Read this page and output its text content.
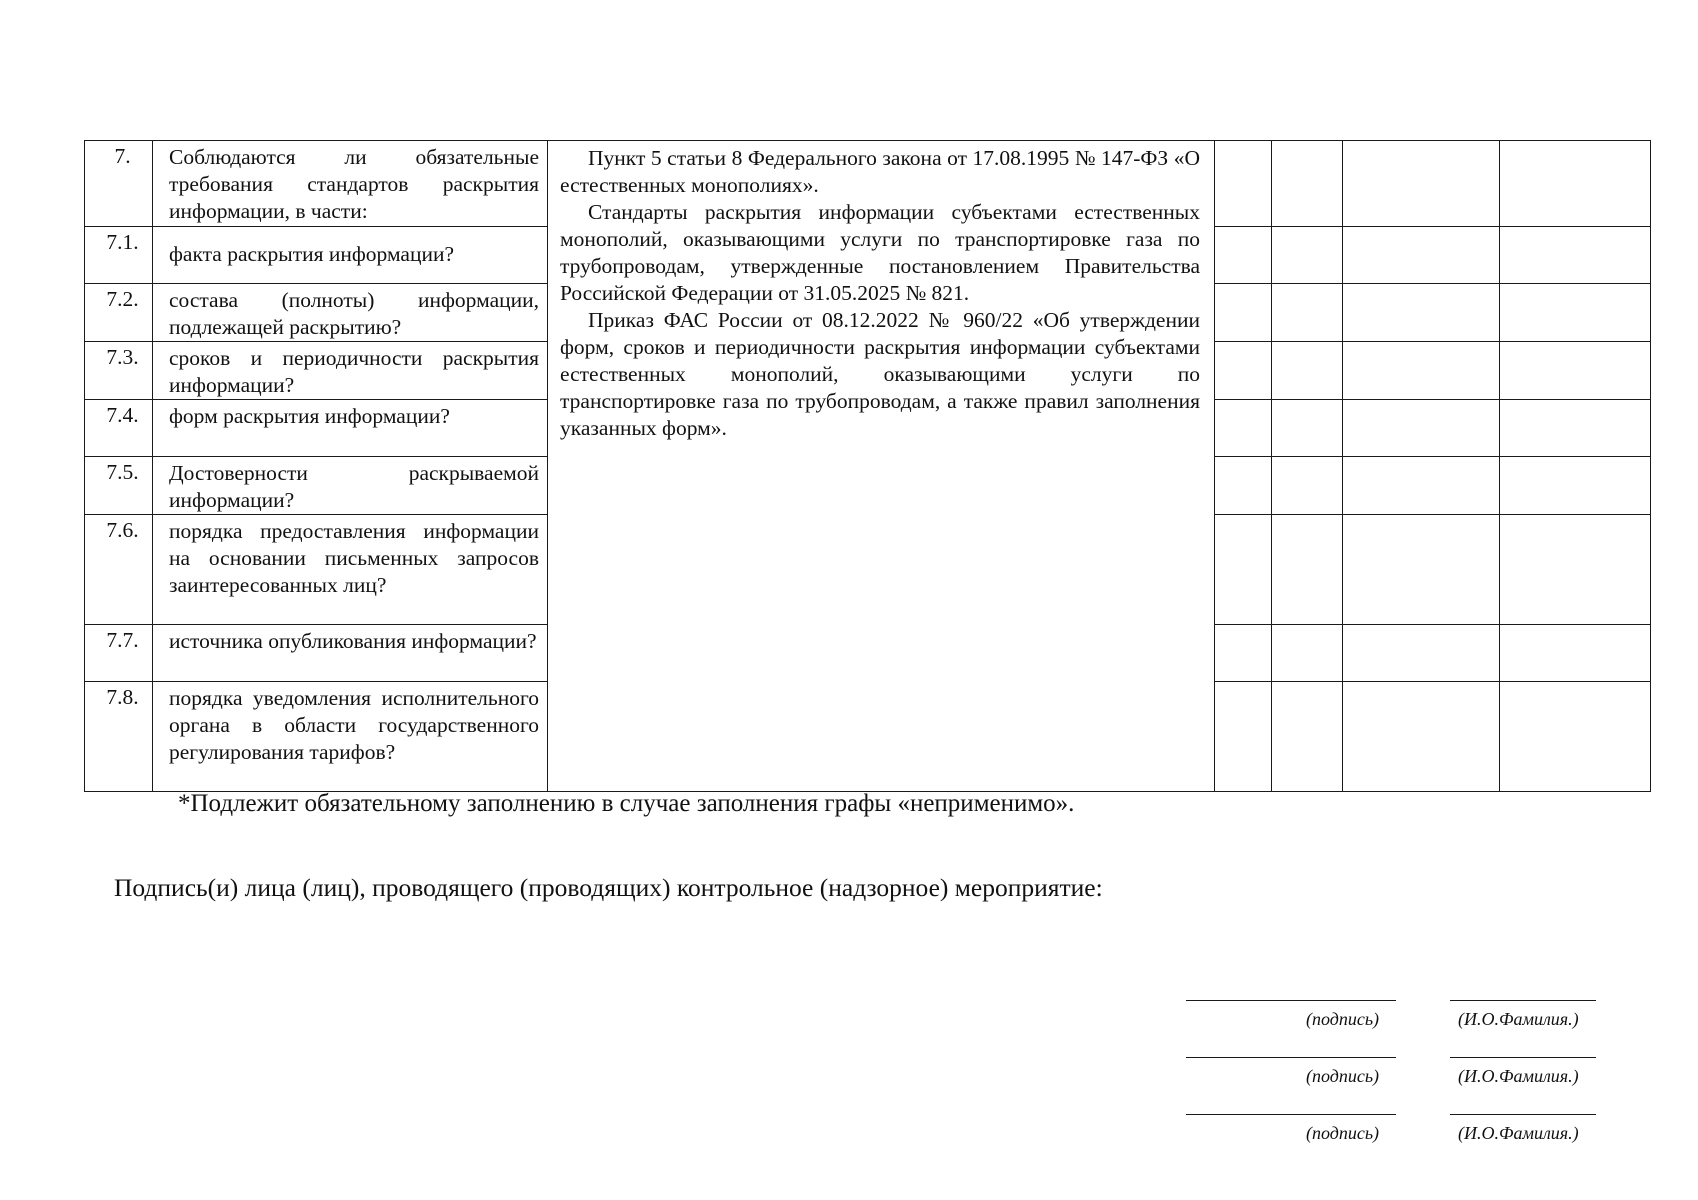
7.	Соблюдаются ли обязательные требования стандартов раскрытия информации, в части:	Пункт 5 статьи 8 Федерального закона от 17.08.1995 № 147-ФЗ «О естественных монополиях».

Стандарты раскрытия информации субъектами естественных монополий, оказывающими услуги по транспортировке газа по трубопроводам, утвержденные постановлением Правительства Российской Федерации от 31.05.2025 № 821.

Приказ ФАС России от 08.12.2022 № 960/22 «Об утверждении форм, сроков и периодичности раскрытия информации субъектами естественных монополий, оказывающими услуги по транспортировке газа по трубопроводам, а также правил заполнения указанных форм».				

7.1.	факта раскрытия информации?					

7.2.	состава (полноты) информации, подлежащей раскрытию?					

7.3.	сроков и периодичности раскрытия информации?					

7.4.	форм раскрытия информации?					

7.5.	Достоверности раскрываемой информации?					

7.6.	порядка предоставления информации на основании письменных запросов заинтересованных лиц?					

7.7.	источника опубликования информации?					

7.8.	порядка уведомления исполнительного органа в области государственного регулирования тарифов?					

*Подлежит обязательному заполнению в случае заполнения графы «неприменимо».
Подпись(и) лица (лиц), проводящего (проводящих) контрольное (надзорное) мероприятие:
(подпись)	(И.О.Фамилия.)
(подпись)	(И.О.Фамилия.)
(подпись)	(И.О.Фамилия.)
